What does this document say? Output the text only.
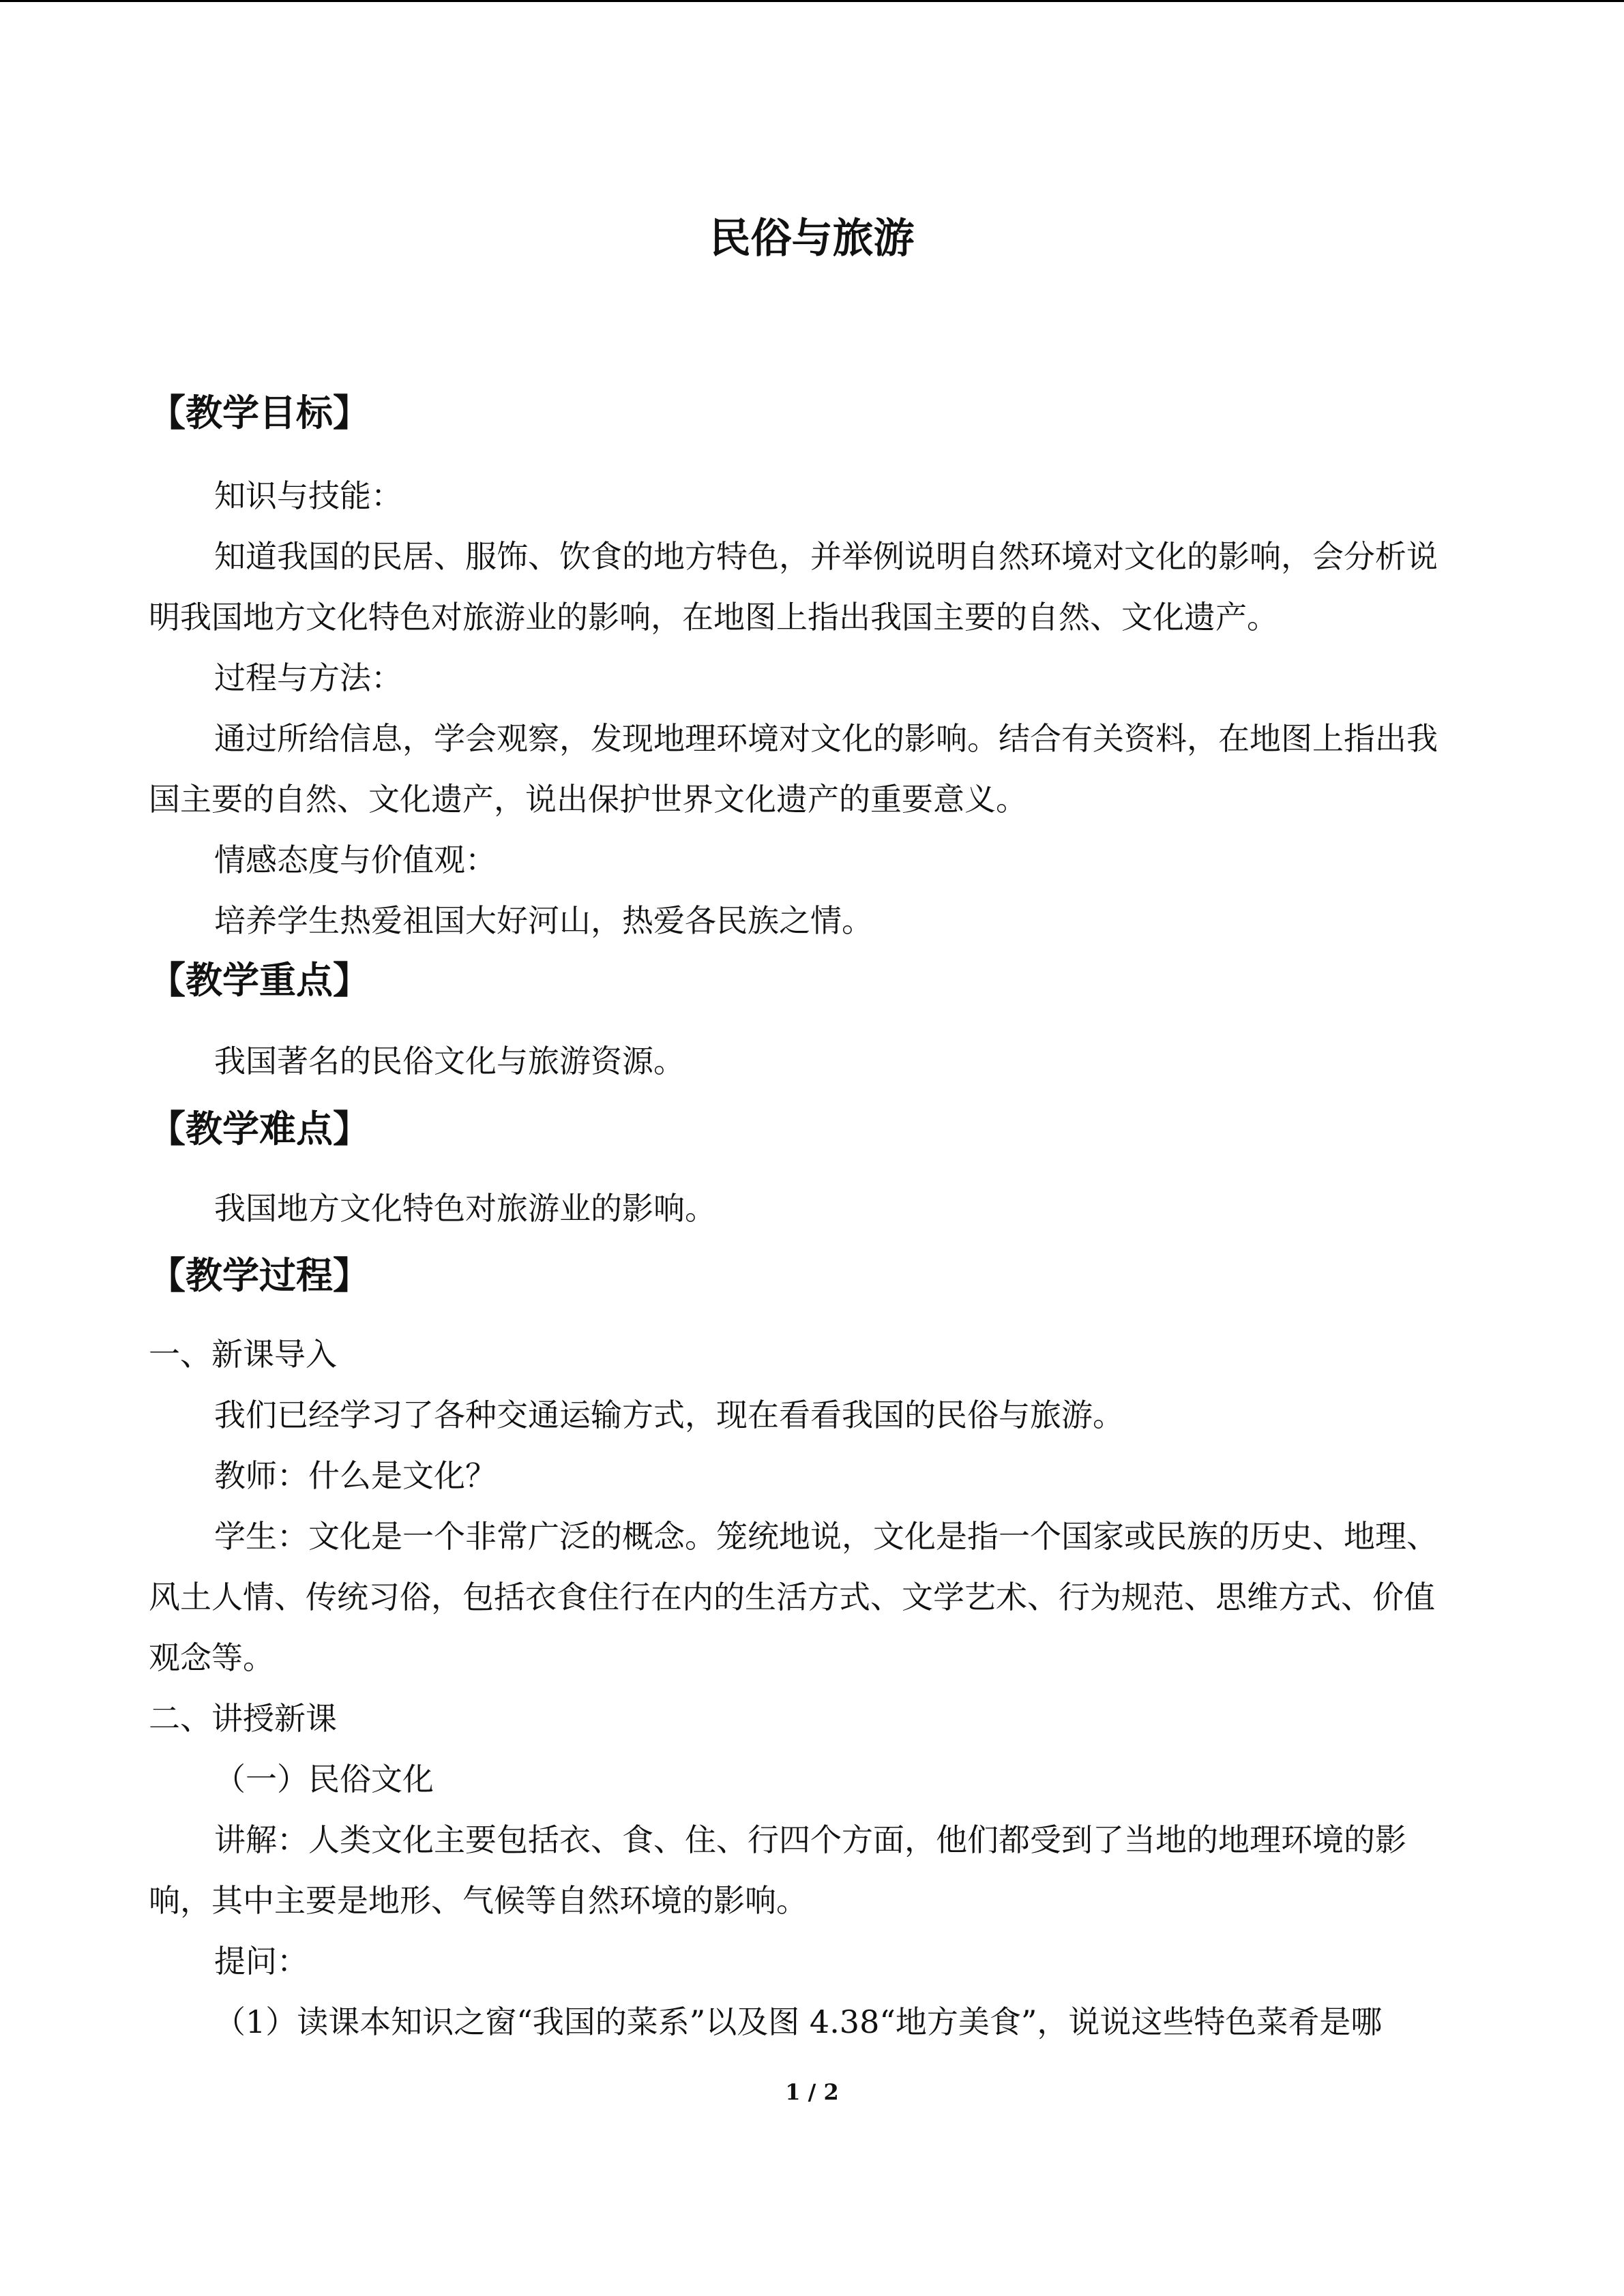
民俗与旅游
【教学目标】

知识与技能：

知道我国的民居、服饰、饮食的地方特色，并举例说明自然环境对文化的影响，会分析说明我国地方文化特色对旅游业的影响，在地图上指出我国主要的自然、文化遗产。

过程与方法：

通过所给信息，学会观察，发现地理环境对文化的影响。结合有关资料，在地图上指出我国主要的自然、文化遗产，说出保护世界文化遗产的重要意义。

情感态度与价值观：

培养学生热爱祖国大好河山，热爱各民族之情。

【教学重点】

我国著名的民俗文化与旅游资源。

【教学难点】

我国地方文化特色对旅游业的影响。

【教学过程】

一、新课导入

我们已经学习了各种交通运输方式，现在看看我国的民俗与旅游。

教师：什么是文化？

学生：文化是一个非常广泛的概念。笼统地说，文化是指一个国家或民族的历史、地理、风土人情、传统习俗，包括衣食住行在内的生活方式、文学艺术、行为规范、思维方式、价值观念等。

二、讲授新课

（一）民俗文化

讲解：人类文化主要包括衣、食、住、行四个方面，他们都受到了当地的地理环境的影响，其中主要是地形、气候等自然环境的影响。

提问：

（1）读课本知识之窗“我国的菜系”以及图 4.38“地方美食”，说说这些特色菜肴是哪

1 / 2
